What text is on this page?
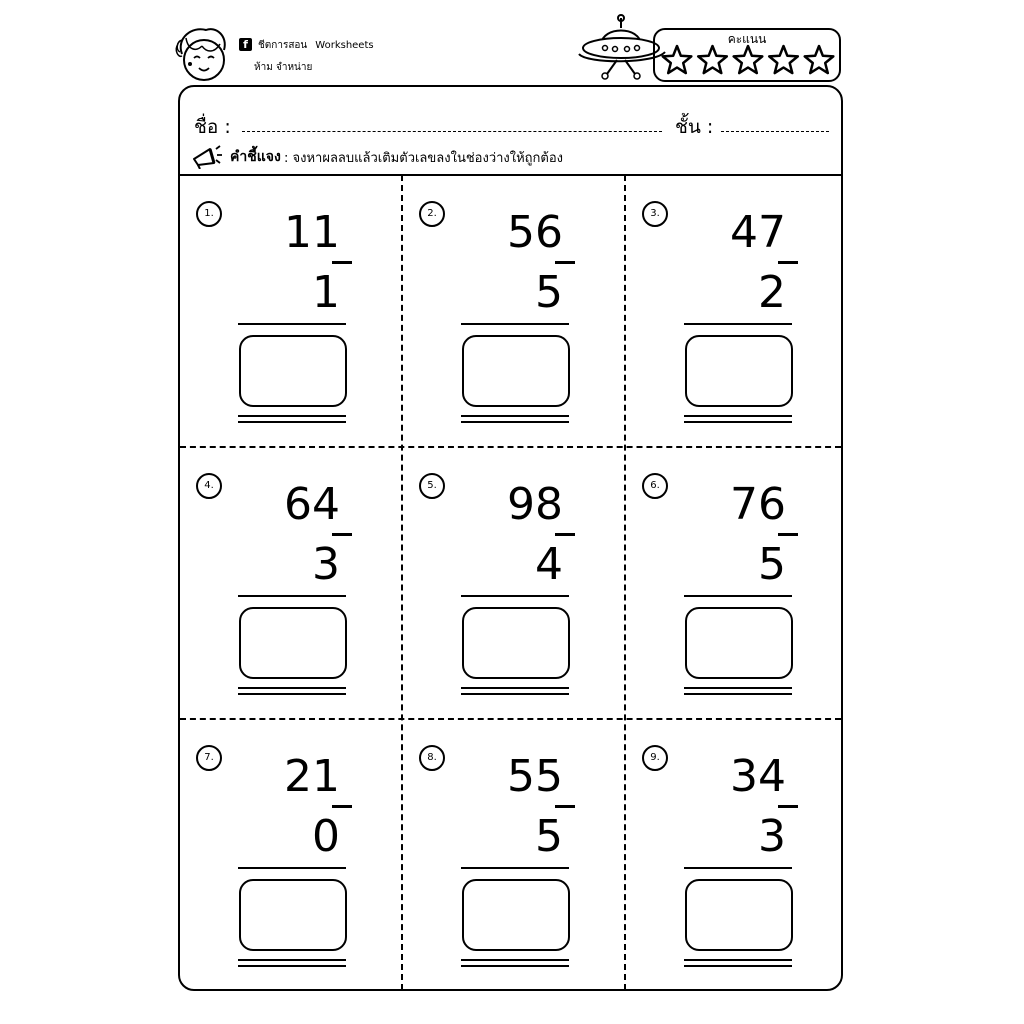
f	ชีตการสอน Worksheets
ห้าม จำหน่าย
คะแนน
ชื่อ :	ชั้น :
คำชี้แจง : จงหาผลลบแล้วเติมตัวเลขลงในช่องว่างให้ถูกต้อง
1.	11
1
2.	56
5
3.	47
2
4.	64
3
5.	98
4
6.	76
5
7.	21
0
8.	55
5
9.	34
3
